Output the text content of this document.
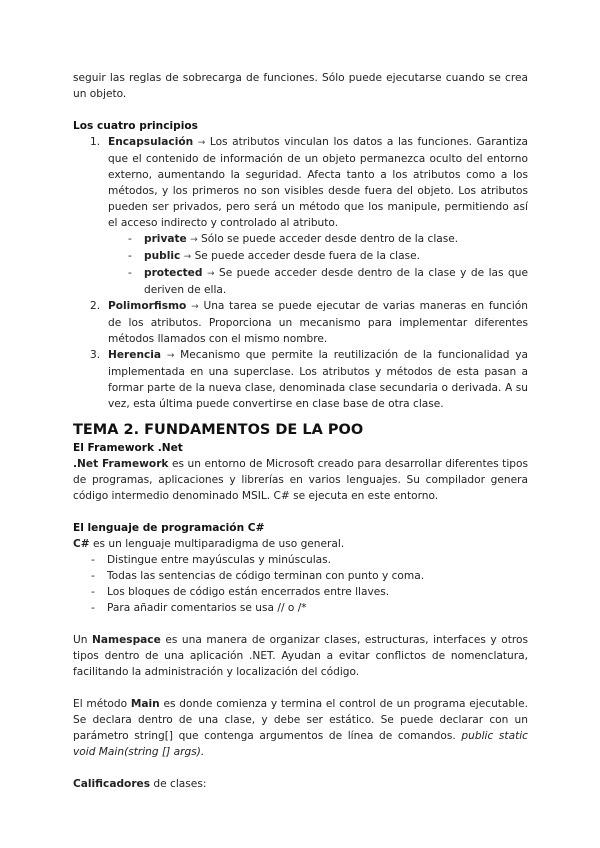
seguir las reglas de sobrecarga de funciones. Sólo puede ejecutarse cuando se crea un objeto.

Los cuatro principios

1. Encapsulación → Los atributos vinculan los datos a las funciones. Garantiza que el contenido de información de un objeto permanezca oculto del entorno externo, aumentando la seguridad. Afecta tanto a los atributos como a los métodos, y los primeros no son visibles desde fuera del objeto. Los atributos pueden ser privados, pero será un método que los manipule, permitiendo así el acceso indirecto y controlado al atributo.
- private → Sólo se puede acceder desde dentro de la clase.
- public → Se puede acceder desde fuera de la clase.
- protected → Se puede acceder desde dentro de la clase y de las que deriven de ella.
2. Polimorfismo → Una tarea se puede ejecutar de varias maneras en función de los atributos. Proporciona un mecanismo para implementar diferentes métodos llamados con el mismo nombre.
3. Herencia → Mecanismo que permite la reutilización de la funcionalidad ya implementada en una superclase. Los atributos y métodos de esta pasan a formar parte de la nueva clase, denominada clase secundaria o derivada. A su vez, esta última puede convertirse en clase base de otra clase.

TEMA 2. FUNDAMENTOS DE LA POO

El Framework .Net

.Net Framework es un entorno de Microsoft creado para desarrollar diferentes tipos de programas, aplicaciones y librerías en varios lenguajes. Su compilador genera código intermedio denominado MSIL. C# se ejecuta en este entorno.

El lenguaje de programación C#

C# es un lenguaje multiparadigma de uso general.

- Distingue entre mayúsculas y minúsculas.
- Todas las sentencias de código terminan con punto y coma.
- Los bloques de código están encerrados entre llaves.
- Para añadir comentarios se usa // o /*

Un Namespace es una manera de organizar clases, estructuras, interfaces y otros tipos dentro de una aplicación .NET. Ayudan a evitar conflictos de nomenclatura, facilitando la administración y localización del código.

El método Main es donde comienza y termina el control de un programa ejecutable. Se declara dentro de una clase, y debe ser estático. Se puede declarar con un parámetro string[] que contenga argumentos de línea de comandos. public static void Main(string [] args).

Calificadores de clases:
